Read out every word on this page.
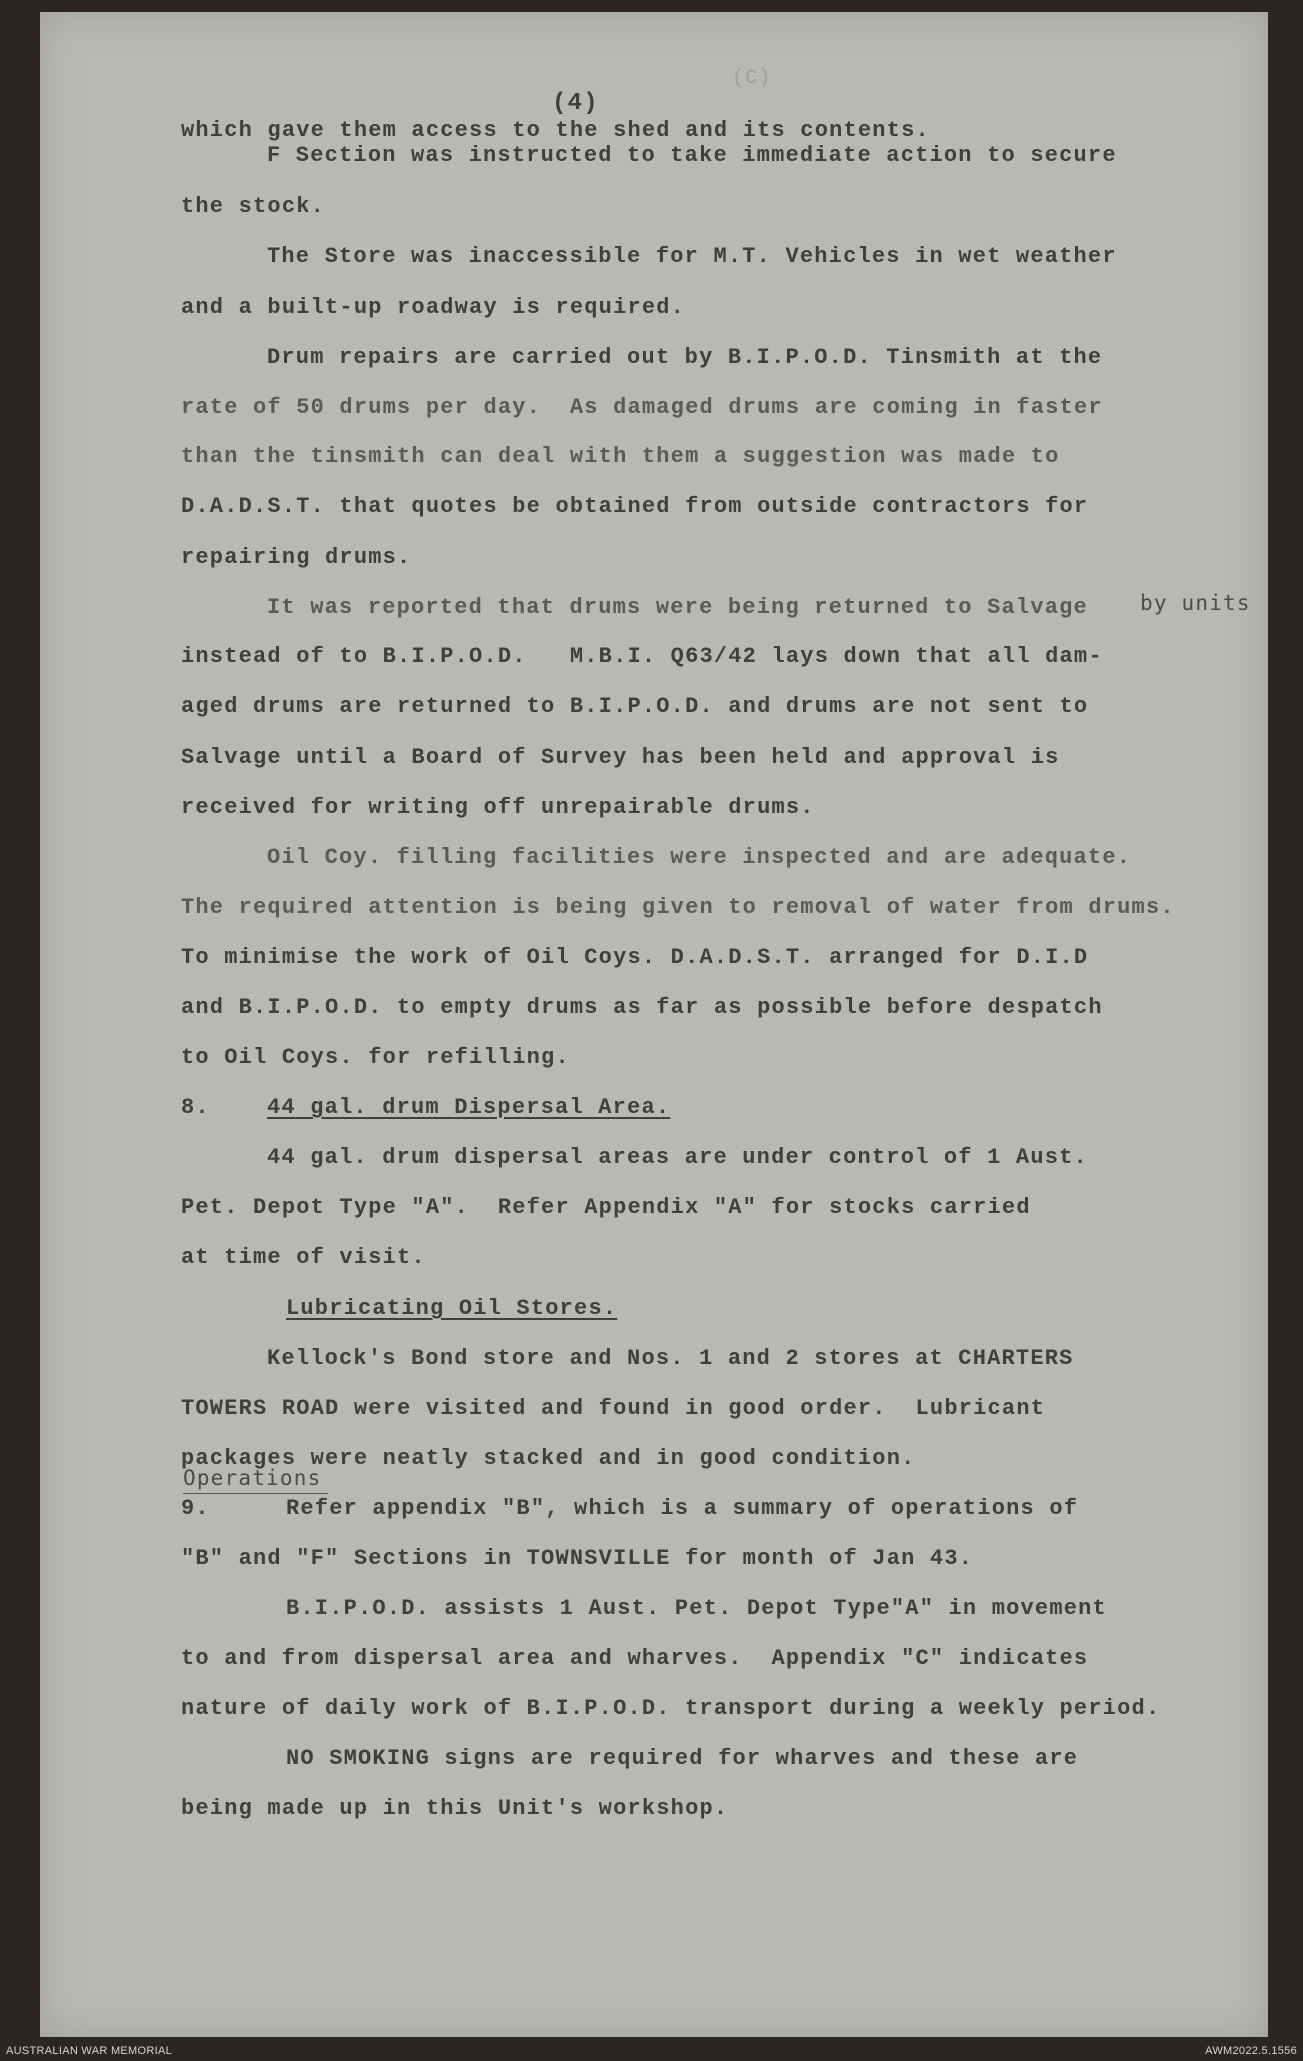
(C)
(4)
which gave them access to the shed and its contents.
F Section was instructed to take immediate action to secure
the stock.
The Store was inaccessible for M.T. Vehicles in wet weather
and a built-up roadway is required.
Drum repairs are carried out by B.I.P.O.D. Tinsmith at the
rate of 50 drums per day.  As damaged drums are coming in faster
than the tinsmith can deal with them a suggestion was made to
D.A.D.S.T. that quotes be obtained from outside contractors for
repairing drums.
It was reported that drums were being returned to Salvage by units
instead of to B.I.P.O.D.   M.B.I. Q63/42 lays down that all dam-
aged drums are returned to B.I.P.O.D. and drums are not sent to
Salvage until a Board of Survey has been held and approval is
received for writing off unrepairable drums.
Oil Coy. filling facilities were inspected and are adequate.
The required attention is being given to removal of water from drums.
To minimise the work of Oil Coys. D.A.D.S.T. arranged for D.I.D
and B.I.P.O.D. to empty drums as far as possible before despatch
to Oil Coys. for refilling.
8.	44 gal. drum Dispersal Area.
44 gal. drum dispersal areas are under control of 1 Aust.
Pet. Depot Type "A".  Refer Appendix "A" for stocks carried
at time of visit.
Lubricating Oil Stores.
Kellock's Bond store and Nos. 1 and 2 stores at CHARTERS
TOWERS ROAD were visited and found in good order.  Lubricant
packages were neatly stacked and in good condition.
Operations
9.	Refer appendix "B", which is a summary of operations of
"B" and "F" Sections in TOWNSVILLE for month of Jan 43.
B.I.P.O.D. assists 1 Aust. Pet. Depot Type"A" in movement
to and from dispersal area and wharves.  Appendix "C" indicates
nature of daily work of B.I.P.O.D. transport during a weekly period.
NO SMOKING signs are required for wharves and these are
being made up in this Unit's workshop.
AUSTRALIAN WAR MEMORIAL	AWM2022.5.1556
